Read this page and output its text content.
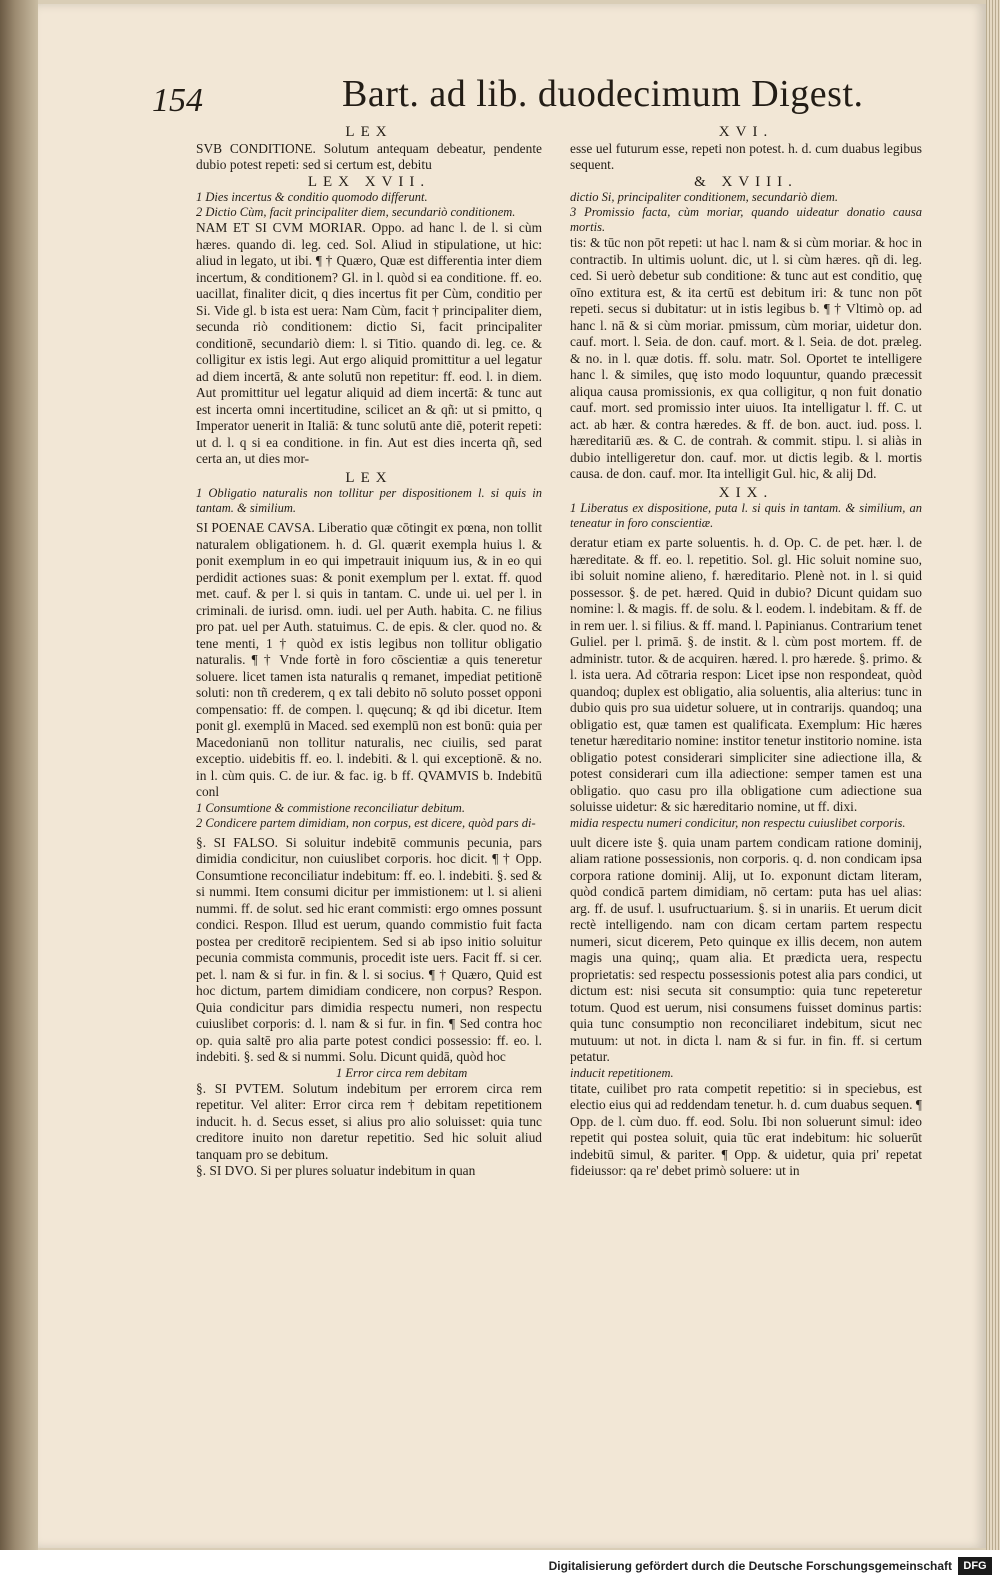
154	Bart. ad lib. duodecimum Digest.

LEX

SVB CONDITIONE. Solutum antequam debeatur, pendente dubio potest repeti: sed si certum est, debitu

LEX XVII.

1 Dies incertus & conditio quomodo differunt.

2 Dictio Cùm, facit principaliter diem, secundariò conditionem.

NAM ET SI CVM MORIAR. Oppo. ad hanc l. de l. si cùm hæres. quando di. leg. ced. Sol. Aliud in stipulatione, ut hic: aliud in legato, ut ibi. ¶ † Quæro, Quæ est differentia inter diem incertum, & conditionem? Gl. in l. quòd si ea conditione. ff. eo. uacillat, finaliter dicit, q dies incertus fit per Cùm, conditio per Si. Vide gl. b ista est uera: Nam Cùm, facit † principaliter diem, secunda riò conditionem: dictio Si, facit principaliter conditionē, secundariò diem: l. si Titio. quando di. leg. ce. & colligitur ex istis legi. Aut ergo aliquid promittitur a uel legatur ad diem incertā, & ante solutū non repetitur: ff. eod. l. in diem. Aut promittitur uel legatur aliquid ad diem incertā: & tunc aut est incerta omni incertitudine, scilicet an & qñ: ut si pmitto, q Imperator uenerit in Italiā: & tunc solutū ante diē, poterit repeti: ut d. l. q si ea conditione. in fin. Aut est dies incerta qñ, sed certa an, ut dies mor-

LEX

1 Obligatio naturalis non tollitur per dispositionem l. si quis in tantam. & similium.

SI POENAE CAVSA. Liberatio quæ cōtingit ex pœna, non tollit naturalem obligationem. h. d. Gl. quærit exempla huius l. & ponit exemplum in eo qui impetrauit iniquum ius, & in eo qui perdidit actiones suas: & ponit exemplum per l. extat. ff. quod met. cauf. & per l. si quis in tantam. C. unde ui. uel per l. in criminali. de iurisd. omn. iudi. uel per Auth. habita. C. ne filius pro pat. uel per Auth. statuimus. C. de epis. & cler. quod no. & tene menti, 1 † quòd ex istis legibus non tollitur obligatio naturalis. ¶ † Vnde fortè in foro cōscientiæ a quis teneretur soluere. licet tamen ista naturalis q remanet, impediat petitionē soluti: non tñ crederem, q ex tali debito nō soluto posset opponi compensatio: ff. de compen. l. quęcunq; & qd ibi dicetur. Item ponit gl. exemplū in Maced. sed exemplū non est bonū: quia per Macedonianū non tollitur naturalis, nec ciuilis, sed parat exceptio. uidebitis ff. eo. l. indebiti. & l. qui exceptionē. & no. in l. cùm quis. C. de iur. & fac. ig. b ff. QVAMVIS b. Indebitū conl

1 Consumtione & commistione reconciliatur debitum.

2 Condicere partem dimidiam, non corpus, est dicere, quòd pars di-

§. SI FALSO. Si soluitur indebitē communis pecunia, pars dimidia condicitur, non cuiuslibet corporis. hoc dicit. ¶ † Opp. Consumtione reconciliatur indebitum: ff. eo. l. indebiti. §. sed & si nummi. Item consumi dicitur per immistionem: ut l. si alieni nummi. ff. de solut. sed hic erant commisti: ergo omnes possunt condici. Respon. Illud est uerum, quando commistio fuit facta postea per creditorē recipientem. Sed si ab ipso initio soluitur pecunia commista communis, procedit iste uers. Facit ff. si cer. pet. l. nam & si fur. in fin. & l. si socius. ¶ † Quæro, Quid est hoc dictum, partem dimidiam condicere, non corpus? Respon. Quia condicitur pars dimidia respectu numeri, non respectu cuiuslibet corporis: d. l. nam & si fur. in fin. ¶ Sed contra hoc op. quia saltē pro alia parte potest condici possessio: ff. eo. l. indebiti. §. sed & si nummi. Solu. Dicunt quidā, quòd hoc

1 Error circa rem debitam

§. SI PVTEM. Solutum indebitum per errorem circa rem repetitur. Vel aliter: Error circa rem † debitam repetitionem inducit. h. d. Secus esset, si alius pro alio soluisset: quia tunc creditore inuito non daretur repetitio. Sed hic soluit aliud tanquam pro se debitum.

§. SI DVO. Si per plures soluatur indebitum in quan

XVI.

esse uel futurum esse, repeti non potest. h. d. cum duabus legibus sequent.

& XVIII.

dictio Si, principaliter conditionem, secundariò diem.

3 Promissio facta, cùm moriar, quando uideatur donatio causa mortis.

tis: & tūc non pōt repeti: ut hac l. nam & si cùm moriar. & hoc in contractib. In ultimis uolunt. dic, ut l. si cùm hæres. qñ di. leg. ced. Si uerò debetur sub conditione: & tunc aut est conditio, quę oīno extitura est, & ita certū est debitum iri: & tunc non pōt repeti. secus si dubitatur: ut in istis legibus b. ¶ † Vltimò op. ad hanc l. nā & si cùm moriar. pmissum, cùm moriar, uidetur don. cauf. mort. l. Seia. de don. cauf. mort. & l. Seia. de dot. præleg. & no. in l. quæ dotis. ff. solu. matr. Sol. Oportet te intelligere hanc l. & similes, quę isto modo loquuntur, quando præcessit aliqua causa promissionis, ex qua colligitur, q non fuit donatio cauf. mort. sed promissio inter uiuos. Ita intelligatur l. ff. C. ut act. ab hær. & contra hæredes. & ff. de bon. auct. iud. poss. l. hæreditariū æs. & C. de contrah. & commit. stipu. l. si aliàs in dubio intelligeretur don. cauf. mor. ut dictis legib. & l. mortis causa. de don. cauf. mor. Ita intelligit Gul. hic, & alij Dd.

XIX.

1 Liberatus ex dispositione, puta l. si quis in tantam. & similium, an teneatur in foro conscientiæ.

deratur etiam ex parte soluentis. h. d. Op. C. de pet. hær. l. de hæreditate. & ff. eo. l. repetitio. Sol. gl. Hic soluit nomine suo, ibi soluit nomine alieno, f. hæreditario. Plenè not. in l. si quid possessor. §. de pet. hæred. Quid in dubio? Dicunt quidam suo nomine: l. & magis. ff. de solu. & l. eodem. l. indebitam. & ff. de in rem uer. l. si filius. & ff. mand. l. Papinianus. Contrarium tenet Guliel. per l. primā. §. de instit. & l. cùm post mortem. ff. de administr. tutor. & de acquiren. hæred. l. pro hærede. §. primo. & l. ista uera. Ad cōtraria respon: Licet ipse non respondeat, quòd quandoq; duplex est obligatio, alia soluentis, alia alterius: tunc in dubio quis pro sua uidetur soluere, ut in contrarijs. quandoq; una obligatio est, quæ tamen est qualificata. Exemplum: Hic hæres tenetur hæreditario nomine: institor tenetur institorio nomine. ista obligatio potest considerari simpliciter sine adiectione illa, & potest considerari cum illa adiectione: semper tamen est una obligatio. quo casu pro illa obligatione cum adiectione sua soluisse uidetur: & sic hæreditario nomine, ut ff. dixi.

midia respectu numeri condicitur, non respectu cuiuslibet corporis.

uult dicere iste §. quia unam partem condicam ratione dominij, aliam ratione possessionis, non corporis. q. d. non condicam ipsa corpora ratione dominij. Alij, ut Io. exponunt dictam literam, quòd condicā partem dimidiam, nō certam: puta has uel alias: arg. ff. de usuf. l. usufructuarium. §. si in unariis. Et uerum dicit rectè intelligendo. nam con dicam certam partem respectu numeri, sicut dicerem, Peto quinque ex illis decem, non autem magis una quinq;, quam alia. Et prædicta uera, respectu proprietatis: sed respectu possessionis potest alia pars condici, ut dictum est: nisi secuta sit consumptio: quia tunc repeteretur totum. Quod est uerum, nisi consumens fuisset dominus partis: quia tunc consumptio non reconciliaret indebitum, sicut nec mutuum: ut not. in dicta l. nam & si fur. in fin. ff. si certum petatur.

inducit repetitionem.

titate, cuilibet pro rata competit repetitio: si in speciebus, est electio eius qui ad reddendam tenetur. h. d. cum duabus sequen. ¶ Opp. de l. cùm duo. ff. eod. Solu. Ibi non soluerunt simul: ideo repetit qui postea soluit, quia tūc erat indebitum: hic soluerūt indebitū simul, & pariter. ¶ Opp. & uidetur, quia pri' repetat fideiussor: qa re' debet primò soluere: ut in

Digitalisierung gefördert durch die Deutsche Forschungsgemeinschaft	DFG
